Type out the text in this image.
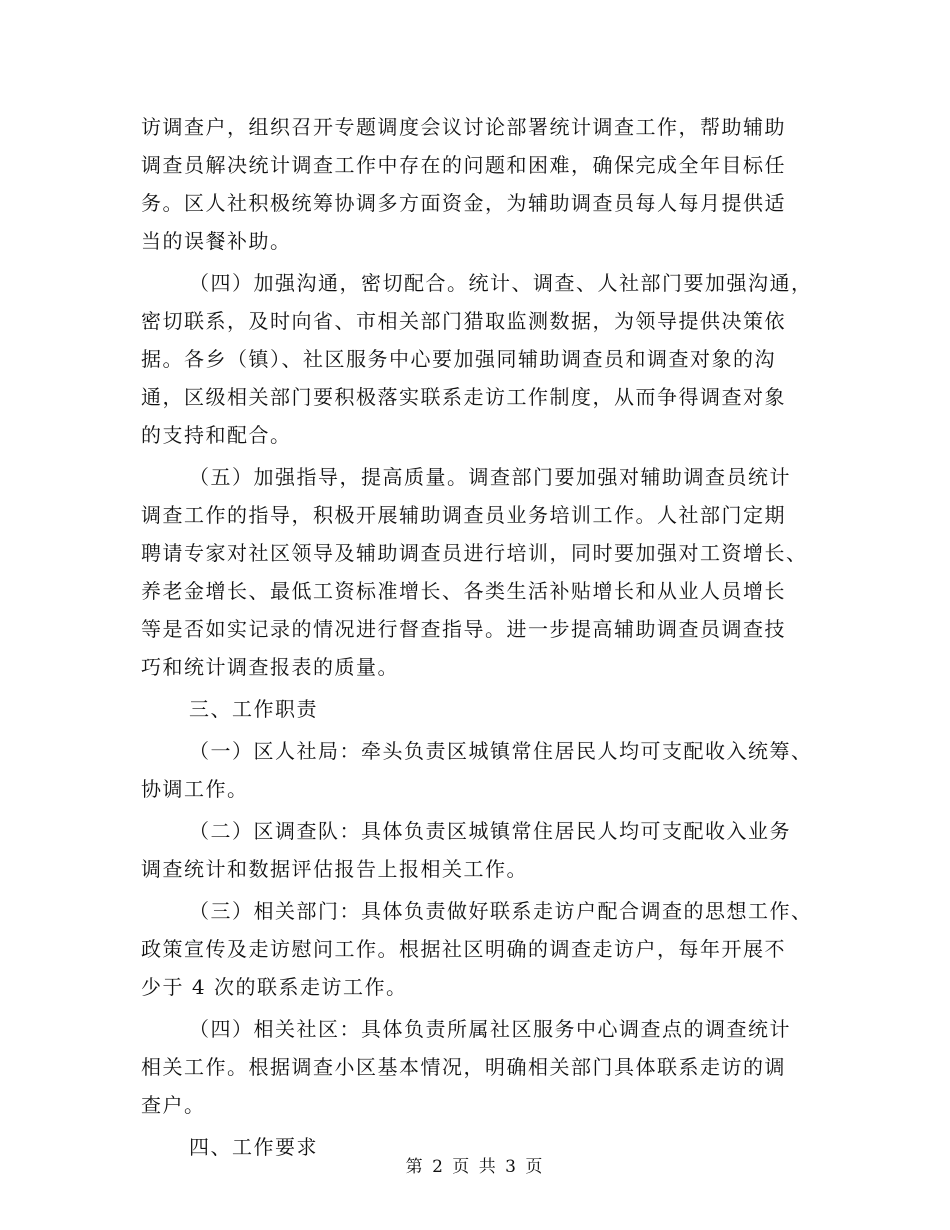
访调查户，组织召开专题调度会议讨论部署统计调查工作，帮助辅助
调查员解决统计调查工作中存在的问题和困难，确保完成全年目标任
务。区人社积极统筹协调多方面资金，为辅助调查员每人每月提供适
当的误餐补助。
（四）加强沟通，密切配合。统计、调查、人社部门要加强沟通，
密切联系，及时向省、市相关部门猎取监测数据，为领导提供决策依
据。各乡（镇）、社区服务中心要加强同辅助调查员和调查对象的沟
通，区级相关部门要积极落实联系走访工作制度，从而争得调查对象
的支持和配合。
（五）加强指导，提高质量。调查部门要加强对辅助调查员统计
调查工作的指导，积极开展辅助调查员业务培训工作。人社部门定期
聘请专家对社区领导及辅助调查员进行培训，同时要加强对工资增长、
养老金增长、最低工资标准增长、各类生活补贴增长和从业人员增长
等是否如实记录的情况进行督查指导。进一步提高辅助调查员调查技
巧和统计调查报表的质量。
三、工作职责
（一）区人社局：牵头负责区城镇常住居民人均可支配收入统筹、
协调工作。
（二）区调查队：具体负责区城镇常住居民人均可支配收入业务
调查统计和数据评估报告上报相关工作。
（三）相关部门：具体负责做好联系走访户配合调查的思想工作、
政策宣传及走访慰问工作。根据社区明确的调查走访户，每年开展不
少于 4 次的联系走访工作。
（四）相关社区：具体负责所属社区服务中心调查点的调查统计
相关工作。根据调查小区基本情况，明确相关部门具体联系走访的调
查户。
四、工作要求
第 2 页 共 3 页
